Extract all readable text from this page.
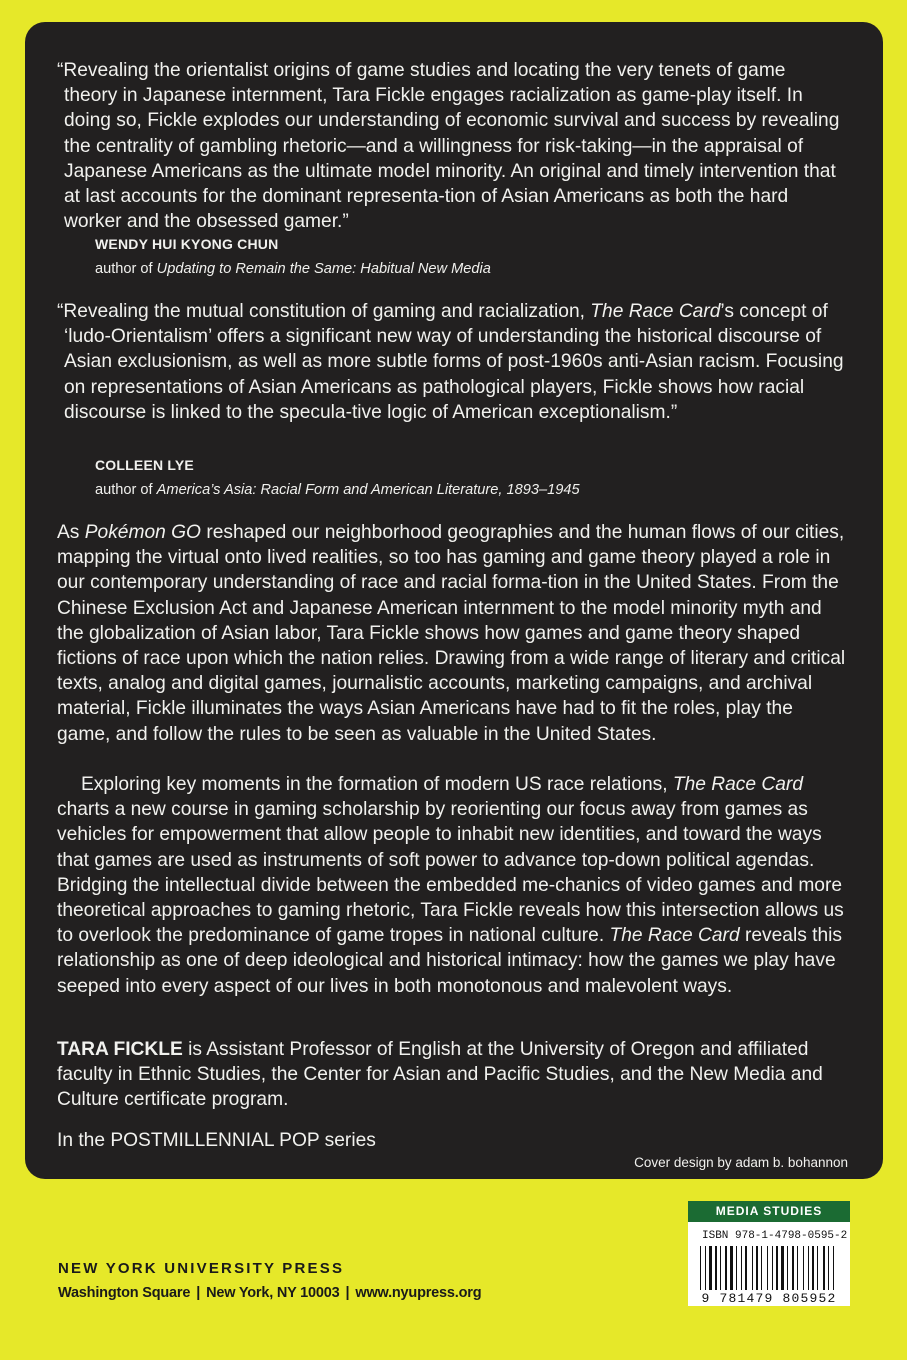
“Revealing the orientalist origins of game studies and locating the very tenets of game theory in Japanese internment, Tara Fickle engages racialization as game-play itself. In doing so, Fickle explodes our understanding of economic survival and success by revealing the centrality of gambling rhetoric—and a willingness for risk-taking—in the appraisal of Japanese Americans as the ultimate model minority. An original and timely intervention that at last accounts for the dominant representa-tion of Asian Americans as both the hard worker and the obsessed gamer.”

WENDY HUI KYONG CHUN

author of Updating to Remain the Same: Habitual New Media

“Revealing the mutual constitution of gaming and racialization, The Race Card’s concept of ‘ludo-Orientalism’ offers a significant new way of understanding the historical discourse of Asian exclusionism, as well as more subtle forms of post-1960s anti-Asian racism. Focusing on representations of Asian Americans as pathological players, Fickle shows how racial discourse is linked to the specula-tive logic of American exceptionalism.”

COLLEEN LYE

author of America’s Asia: Racial Form and American Literature, 1893–1945

As Pokémon GO reshaped our neighborhood geographies and the human flows of our cities, mapping the virtual onto lived realities, so too has gaming and game theory played a role in our contemporary understanding of race and racial forma-tion in the United States. From the Chinese Exclusion Act and Japanese American internment to the model minority myth and the globalization of Asian labor, Tara Fickle shows how games and game theory shaped fictions of race upon which the nation relies. Drawing from a wide range of literary and critical texts, analog and digital games, journalistic accounts, marketing campaigns, and archival material, Fickle illuminates the ways Asian Americans have had to fit the roles, play the game, and follow the rules to be seen as valuable in the United States.

Exploring key moments in the formation of modern US race relations, The Race Card charts a new course in gaming scholarship by reorienting our focus away from games as vehicles for empowerment that allow people to inhabit new identities, and toward the ways that games are used as instruments of soft power to advance top-down political agendas. Bridging the intellectual divide between the embedded me-chanics of video games and more theoretical approaches to gaming rhetoric, Tara Fickle reveals how this intersection allows us to overlook the predominance of game tropes in national culture. The Race Card reveals this relationship as one of deep ideological and historical intimacy: how the games we play have seeped into every aspect of our lives in both monotonous and malevolent ways.

TARA FICKLE is Assistant Professor of English at the University of Oregon and affiliated faculty in Ethnic Studies, the Center for Asian and Pacific Studies, and the New Media and Culture certificate program.

In the POSTMILLENNIAL POP series

Cover design by adam b. bohannon

NEW YORK UNIVERSITY PRESS

Washington Square | New York, NY 10003 | www.nyupress.org

MEDIA STUDIES

ISBN 978-1-4798-0595-2

9 781479 805952
